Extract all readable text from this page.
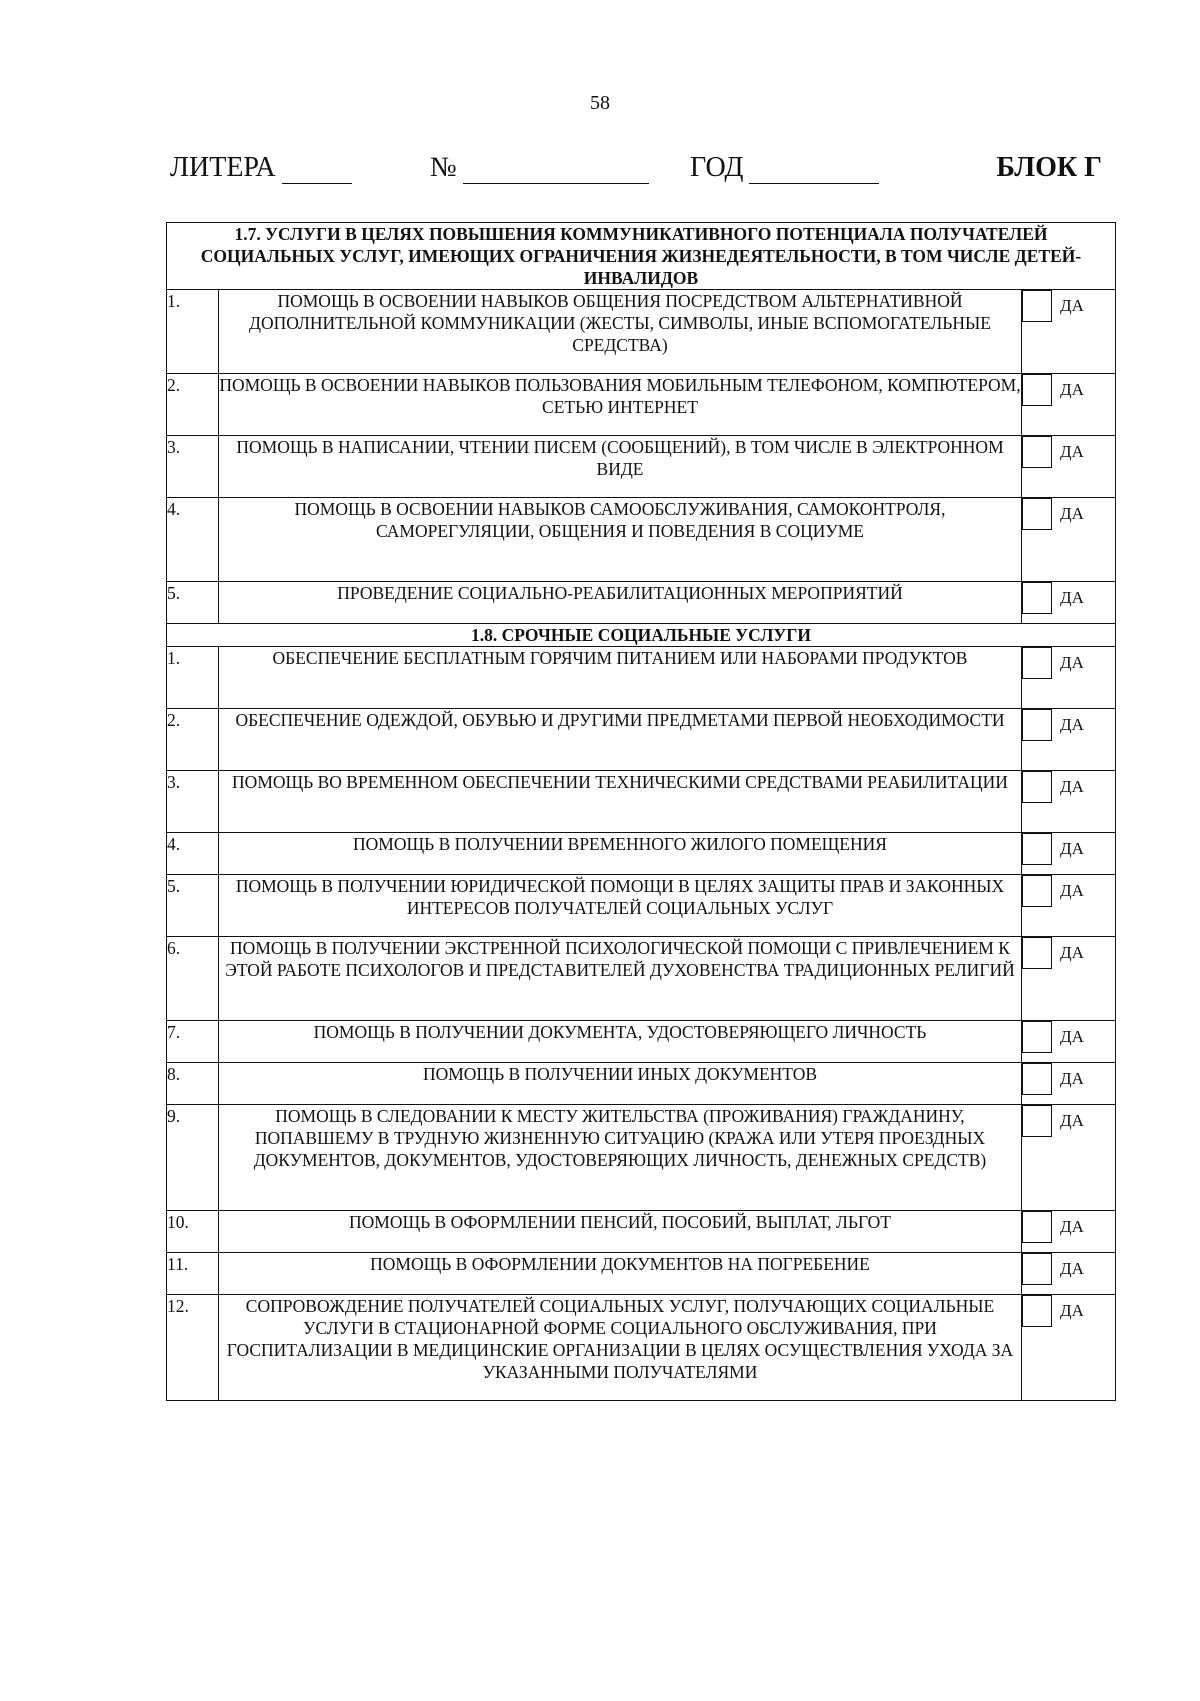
58
ЛИТЕРА	№	ГОД	БЛОК Г
1.7. УСЛУГИ В ЦЕЛЯХ ПОВЫШЕНИЯ КОММУНИКАТИВНОГО ПОТЕНЦИАЛА ПОЛУЧАТЕЛЕЙ СОЦИАЛЬНЫХ УСЛУГ, ИМЕЮЩИХ ОГРАНИЧЕНИЯ ЖИЗНЕДЕЯТЕЛЬНОСТИ, В ТОМ ЧИСЛЕ ДЕТЕЙ-ИНВАЛИДОВ		
1.	ПОМОЩЬ В ОСВОЕНИИ НАВЫКОВ ОБЩЕНИЯ ПОСРЕДСТВОМ АЛЬТЕРНАТИВНОЙ ДОПОЛНИТЕЛЬНОЙ КОММУНИКАЦИИ (ЖЕСТЫ, СИМВОЛЫ, ИНЫЕ ВСПОМОГАТЕЛЬНЫЕ СРЕДСТВА)	ДА
2.	ПОМОЩЬ В ОСВОЕНИИ НАВЫКОВ ПОЛЬЗОВАНИЯ МОБИЛЬНЫМ ТЕЛЕФОНОМ, КОМПЮТЕРОМ, СЕТЬЮ ИНТЕРНЕТ	ДА
3.	ПОМОЩЬ В НАПИСАНИИ, ЧТЕНИИ ПИСЕМ (СООБЩЕНИЙ), В ТОМ ЧИСЛЕ В ЭЛЕКТРОННОМ ВИДЕ	ДА
4.	ПОМОЩЬ В ОСВОЕНИИ НАВЫКОВ САМООБСЛУЖИВАНИЯ, САМОКОНТРОЛЯ, САМОРЕГУЛЯЦИИ, ОБЩЕНИЯ И ПОВЕДЕНИЯ В СОЦИУМЕ	ДА
5.	ПРОВЕДЕНИЕ СОЦИАЛЬНО-РЕАБИЛИТАЦИОННЫХ МЕРОПРИЯТИЙ	ДА
1.8. СРОЧНЫЕ СОЦИАЛЬНЫЕ УСЛУГИ		
1.	ОБЕСПЕЧЕНИЕ БЕСПЛАТНЫМ ГОРЯЧИМ ПИТАНИЕМ ИЛИ НАБОРАМИ ПРОДУКТОВ	ДА
2.	ОБЕСПЕЧЕНИЕ ОДЕЖДОЙ, ОБУВЬЮ И ДРУГИМИ ПРЕДМЕТАМИ ПЕРВОЙ НЕОБХОДИМОСТИ	ДА
3.	ПОМОЩЬ ВО ВРЕМЕННОМ ОБЕСПЕЧЕНИИ ТЕХНИЧЕСКИМИ СРЕДСТВАМИ РЕАБИЛИТАЦИИ	ДА
4.	ПОМОЩЬ В ПОЛУЧЕНИИ ВРЕМЕННОГО ЖИЛОГО ПОМЕЩЕНИЯ	ДА
5.	ПОМОЩЬ В ПОЛУЧЕНИИ ЮРИДИЧЕСКОЙ ПОМОЩИ В ЦЕЛЯХ ЗАЩИТЫ ПРАВ И ЗАКОННЫХ ИНТЕРЕСОВ ПОЛУЧАТЕЛЕЙ СОЦИАЛЬНЫХ УСЛУГ	ДА
6.	ПОМОЩЬ В ПОЛУЧЕНИИ ЭКСТРЕННОЙ ПСИХОЛОГИЧЕСКОЙ ПОМОЩИ С ПРИВЛЕЧЕНИЕМ К ЭТОЙ РАБОТЕ ПСИХОЛОГОВ И ПРЕДСТАВИТЕЛЕЙ ДУХОВЕНСТВА ТРАДИЦИОННЫХ РЕЛИГИЙ	ДА
7.	ПОМОЩЬ В ПОЛУЧЕНИИ ДОКУМЕНТА, УДОСТОВЕРЯЮЩЕГО ЛИЧНОСТЬ	ДА
8.	ПОМОЩЬ В ПОЛУЧЕНИИ ИНЫХ ДОКУМЕНТОВ	ДА
9.	ПОМОЩЬ В СЛЕДОВАНИИ К МЕСТУ ЖИТЕЛЬСТВА (ПРОЖИВАНИЯ) ГРАЖДАНИНУ, ПОПАВШЕМУ В ТРУДНУЮ ЖИЗНЕННУЮ СИТУАЦИЮ (КРАЖА ИЛИ УТЕРЯ ПРОЕЗДНЫХ ДОКУМЕНТОВ, ДОКУМЕНТОВ, УДОСТОВЕРЯЮЩИХ ЛИЧНОСТЬ, ДЕНЕЖНЫХ СРЕДСТВ)	ДА
10.	ПОМОЩЬ В ОФОРМЛЕНИИ ПЕНСИЙ, ПОСОБИЙ, ВЫПЛАТ, ЛЬГОТ	ДА
11.	ПОМОЩЬ В ОФОРМЛЕНИИ ДОКУМЕНТОВ НА ПОГРЕБЕНИЕ	ДА
12.	СОПРОВОЖДЕНИЕ ПОЛУЧАТЕЛЕЙ СОЦИАЛЬНЫХ УСЛУГ, ПОЛУЧАЮЩИХ СОЦИАЛЬНЫЕ УСЛУГИ В СТАЦИОНАРНОЙ ФОРМЕ СОЦИАЛЬНОГО ОБСЛУЖИВАНИЯ, ПРИ ГОСПИТАЛИЗАЦИИ В МЕДИЦИНСКИЕ ОРГАНИЗАЦИИ В ЦЕЛЯХ ОСУЩЕСТВЛЕНИЯ УХОДА ЗА УКАЗАННЫМИ ПОЛУЧАТЕЛЯМИ	ДА
